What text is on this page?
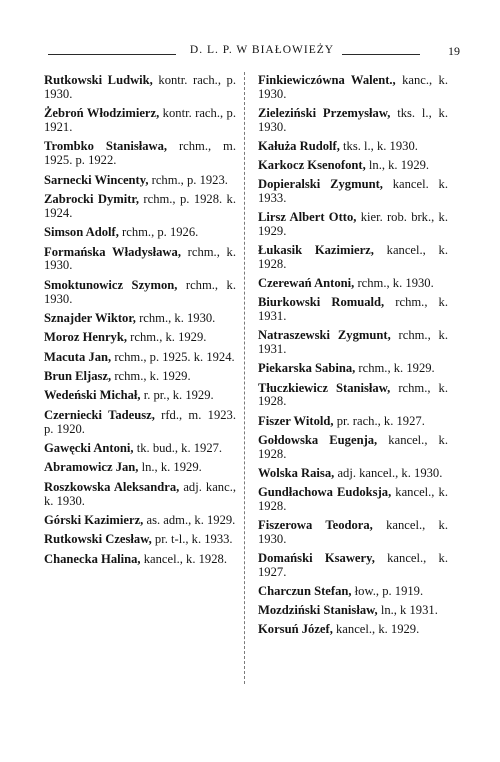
D. L. P. W BIAŁOWIEŻY	19
Rutkowski Ludwik, kontr. rach., p. 1930.
Żebroń Włodzimierz, kontr. rach., p. 1921.
Trombko Stanisława, rchm., m. 1925. p. 1922.
Sarnecki Wincenty, rchm., p. 1923.
Zabrocki Dymitr, rchm., p. 1928. k. 1924.
Simson Adolf, rchm., p. 1926.
Formańska Władysława, rchm., k. 1930.
Smoktunowicz Szymon, rchm., k. 1930.
Sznajder Wiktor, rchm., k. 1930.
Moroz Henryk, rchm., k. 1929.
Macuta Jan, rchm., p. 1925. k. 1924.
Brun Eljasz, rchm., k. 1929.
Wedeński Michał, r. pr., k. 1929.
Czerniecki Tadeusz, rfd., m. 1923. p. 1920.
Gawęcki Antoni, tk. bud., k. 1927.
Abramowicz Jan, ln., k. 1929.
Roszkowska Aleksandra, adj. kanc., k. 1930.
Górski Kazimierz, as. adm., k. 1929.
Rutkowski Czesław, pr. t-l., k. 1933.
Chanecka Halina, kancel., k. 1928.
Finkiewiczówna Walent., kanc., k. 1930.
Zieleziński Przemysław, tks. l., k. 1930.
Kałuża Rudolf, tks. l., k. 1930.
Karkocz Ksenofont, ln., k. 1929.
Dopieralski Zygmunt, kancel. k. 1933.
Lirsz Albert Otto, kier. rob. brk., k. 1929.
Łukasik Kazimierz, kancel., k. 1928.
Czerewań Antoni, rchm., k. 1930.
Biurkowski Romuald, rchm., k. 1931.
Natraszewski Zygmunt, rchm., k. 1931.
Piekarska Sabina, rchm., k. 1929.
Tłuczkiewicz Stanisław, rchm., k. 1928.
Fiszer Witold, pr. rach., k. 1927.
Gołdowska Eugenja, kancel., k. 1928.
Wolska Raisa, adj. kancel., k. 1930.
Gundłachowa Eudoksja, kancel., k. 1928.
Fiszerowa Teodora, kancel., k. 1930.
Domański Ksawery, kancel., k. 1927.
Charczun Stefan, łow., p. 1919.
Mozdziński Stanisław, ln., k 1931.
Korsuń Józef, kancel., k. 1929.
